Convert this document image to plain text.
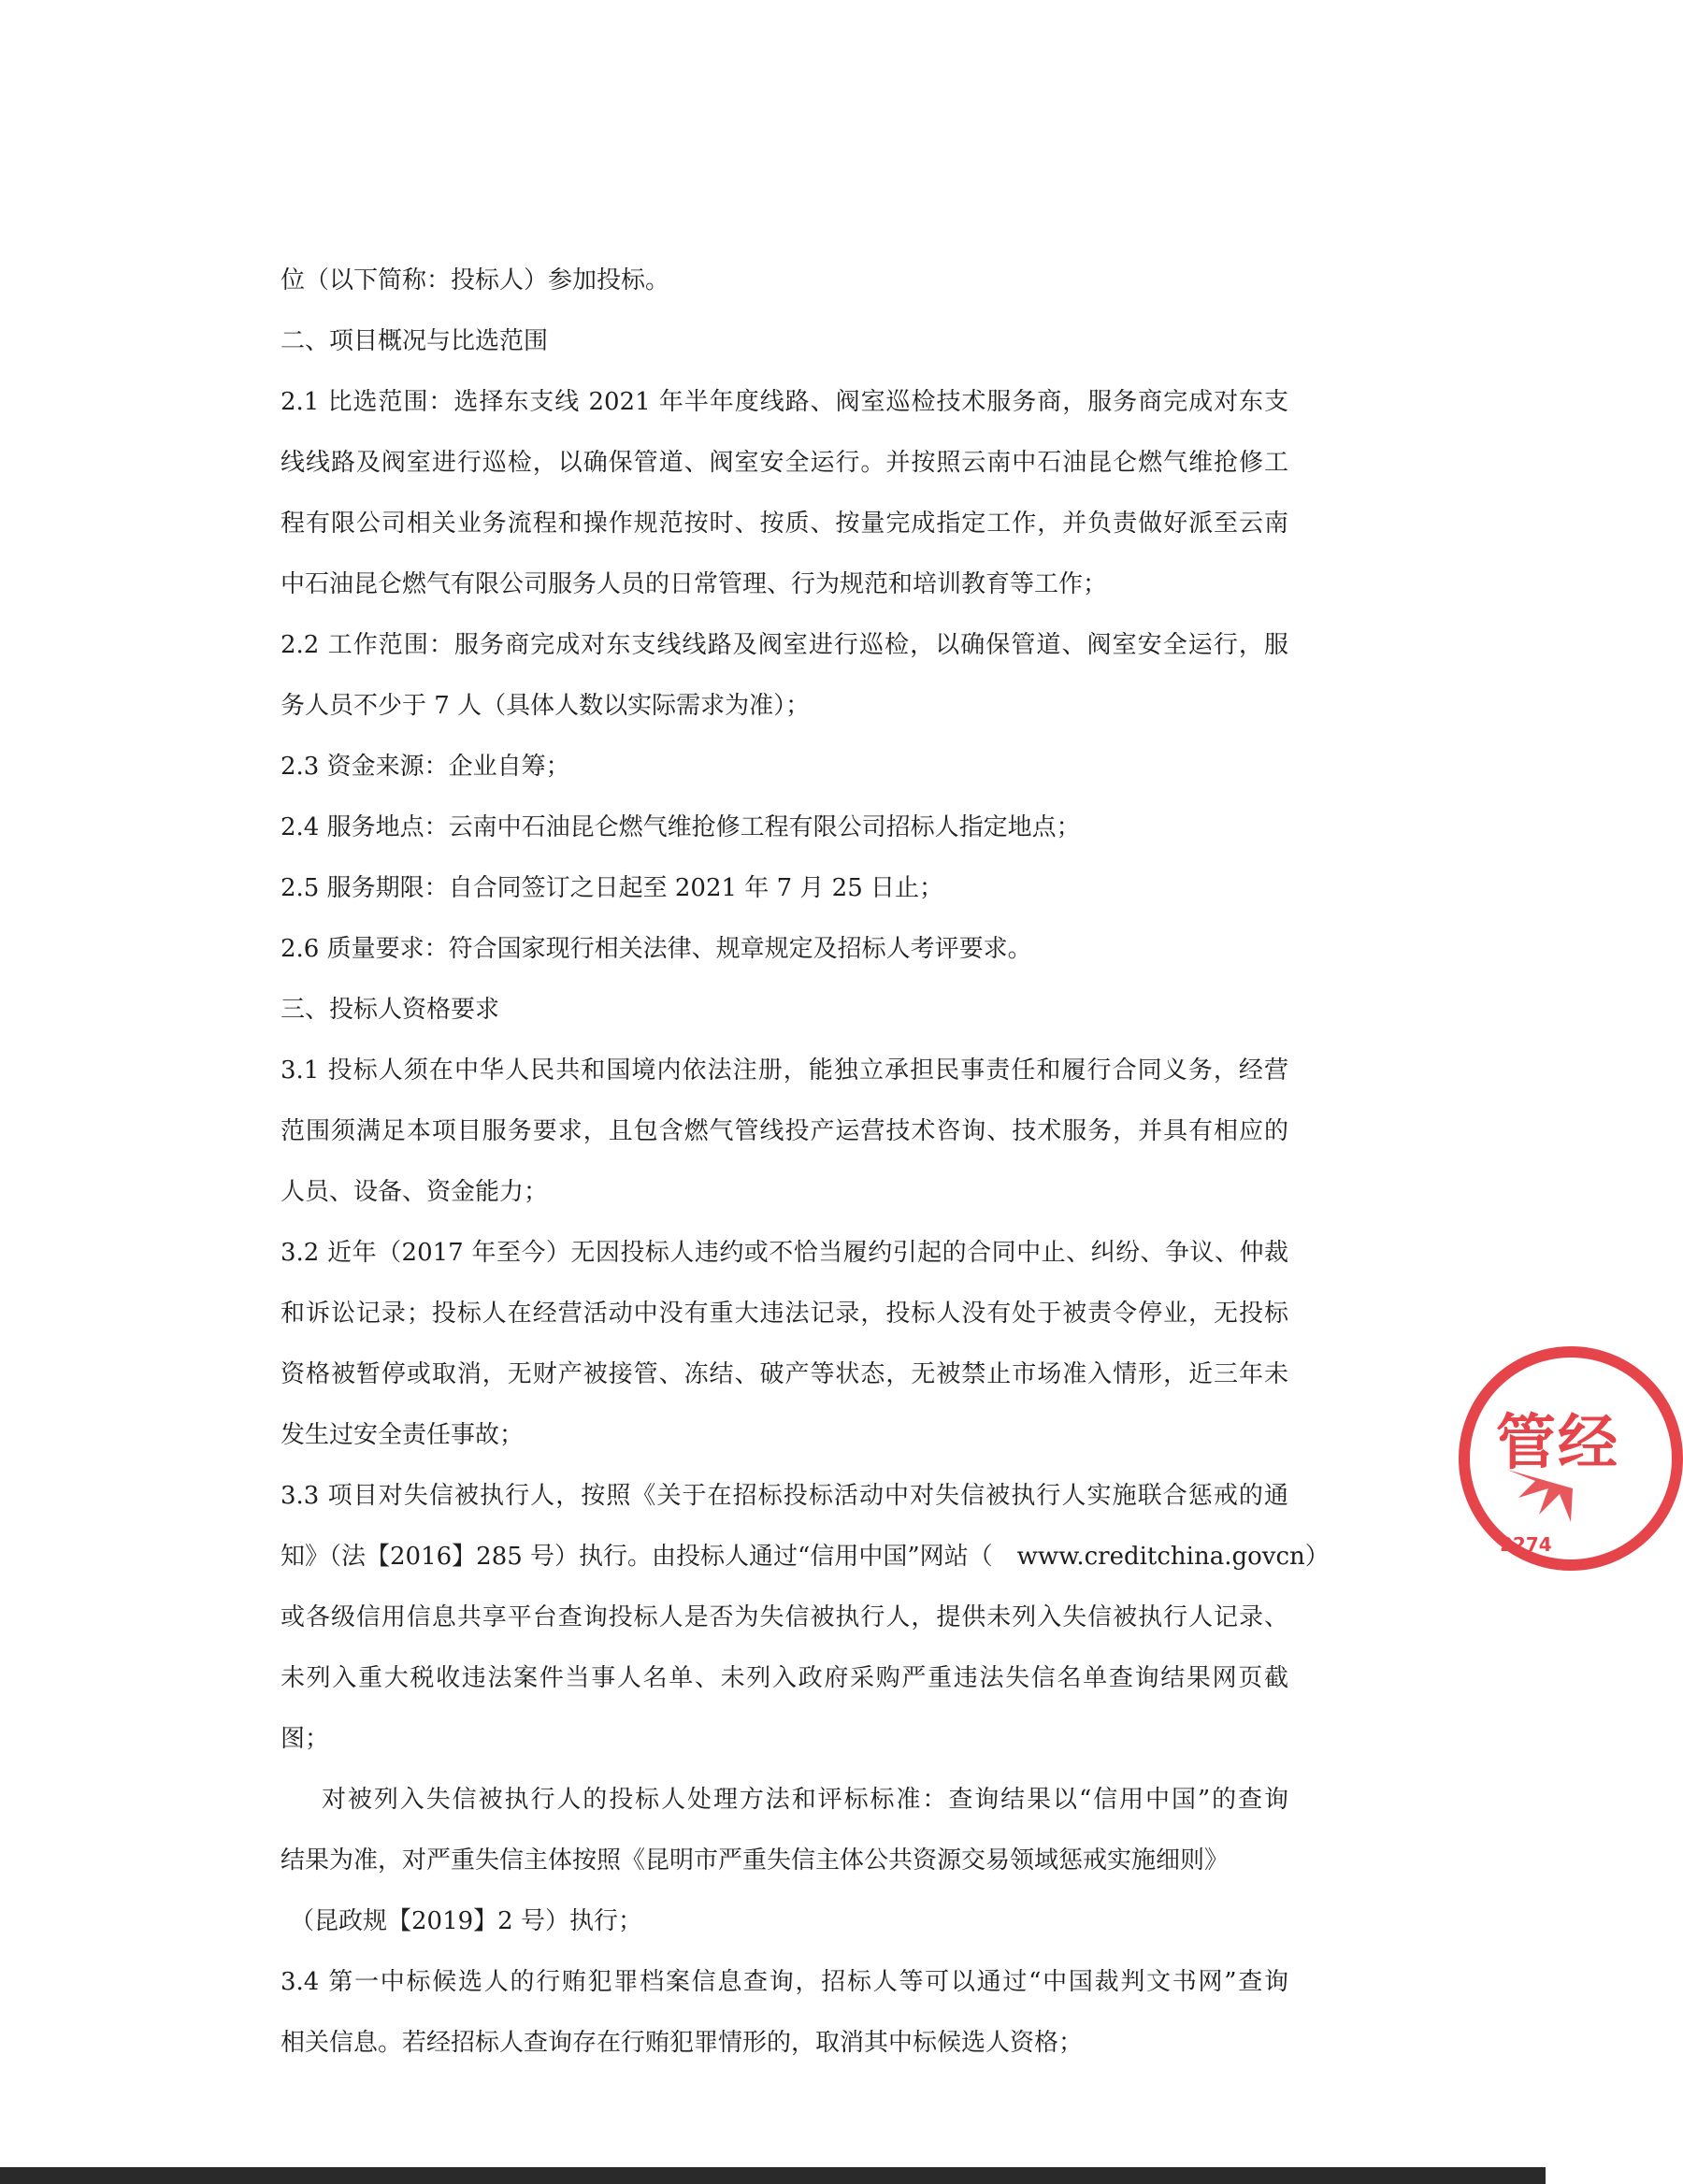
位（以下简称：投标人）参加投标。
二、项目概况与比选范围
2.1 比选范围：选择东支线 2021 年半年度线路、阀室巡检技术服务商，服务商完成对东支
线线路及阀室进行巡检，以确保管道、阀室安全运行。并按照云南中石油昆仑燃气维抢修工
程有限公司相关业务流程和操作规范按时、按质、按量完成指定工作，并负责做好派至云南
中石油昆仑燃气有限公司服务人员的日常管理、行为规范和培训教育等工作；
2.2 工作范围：服务商完成对东支线线路及阀室进行巡检，以确保管道、阀室安全运行，服
务人员不少于 7 人（具体人数以实际需求为准）；
2.3 资金来源：企业自筹；
2.4 服务地点：云南中石油昆仑燃气维抢修工程有限公司招标人指定地点；
2.5 服务期限：自合同签订之日起至 2021 年 7 月 25 日止；
2.6 质量要求：符合国家现行相关法律、规章规定及招标人考评要求。
三、投标人资格要求
3.1 投标人须在中华人民共和国境内依法注册，能独立承担民事责任和履行合同义务，经营
范围须满足本项目服务要求，且包含燃气管线投产运营技术咨询、技术服务，并具有相应的
人员、设备、资金能力；
3.2 近年（2017 年至今）无因投标人违约或不恰当履约引起的合同中止、纠纷、争议、仲裁
和诉讼记录；投标人在经营活动中没有重大违法记录，投标人没有处于被责令停业，无投标
资格被暂停或取消，无财产被接管、冻结、破产等状态，无被禁止市场准入情形，近三年未
发生过安全责任事故；
3.3 项目对失信被执行人，按照《关于在招标投标活动中对失信被执行人实施联合惩戒的通
知》（法【2016】285 号）执行。由投标人通过“信用中国”网站（　www.creditchina.govcn）
或各级信用信息共享平台查询投标人是否为失信被执行人，提供未列入失信被执行人记录、
未列入重大税收违法案件当事人名单、未列入政府采购严重违法失信名单查询结果网页截
图；
对被列入失信被执行人的投标人处理方法和评标标准：查询结果以“信用中国”的查询
结果为准，对严重失信主体按照《昆明市严重失信主体公共资源交易领域惩戒实施细则》
（昆政规【2019】2 号）执行；
3.4 第一中标候选人的行贿犯罪档案信息查询，招标人等可以通过“中国裁判文书网”查询
相关信息。若经招标人查询存在行贿犯罪情形的，取消其中标候选人资格；
管经
2274
